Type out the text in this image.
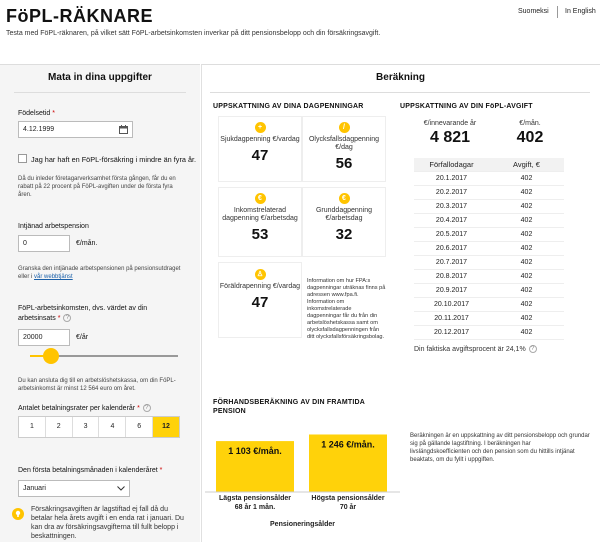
FöPL-RÄKNARE
Testa med FöPL-räknaren, på vilket sätt FöPL-arbetsinkomsten inverkar på ditt pensionsbelopp och din försäkringsavgift.
Suomeksi In English
Mata in dina uppgifter
Födelsetid *
4.12.1999
Jag har haft en FöPL-försäkring i mindre än fyra år.
Då du inleder företagarverksamhet första gången, får du en rabatt på 22 procent på FöPL-avgiften under de första fyra åren.
Intjänad arbetspension
0	€/mån.
Granska den intjänade arbetspensionen på pensionsutdraget eller i vår webbtjänst
FöPL-arbetsinkomsten, dvs. värdet av din
arbetsinsats * ?
20000	€/år
Du kan ansluta dig till en arbetslöshetskassa, om din FöPL-arbetsinkomst är minst 12 564 euro om året.
Antalet betalningsrater per kalenderår * ?
1	2	3	4	6	12
Den första betalningsmånaden i kalenderåret *
Januari
Försäkringsavgiften är lagstiftad ej fall då du betalar hela årets avgift i en enda rat i januari. Du kan dra av försäkringsavgifterna till fullt belopp i beskattningen.
Beräkning
UPPSKATTNING AV DINA DAGPENNINGAR
+
Sjukdagpenning €/vardag
47
/
Olycksfallsdagpenning €/dag
56
€
Inkomstrelaterad dagpenning €/arbetsdag
53
€
Grunddagpenning €/arbetsdag
32
♙
Föräldrapenning €/vardag
47
Information om hur FPA:s dagpenningar uträknas finns på adressen www.fpa.fi. Information om inkomstrelaterade dagpenningar får du från din arbetslöshetskassa samt om olycksfallsdagpenningen från ditt olycksfallsförsäkringsbolag.
UPPSKATTNING AV DIN FöPL-AVGIFT
€/innevarande år
4 821
€/mån.
402
Förfallodagar	Avgift, €
20.1.2017	402
20.2.2017	402
20.3.2017	402
20.4.2017	402
20.5.2017	402
20.6.2017	402
20.7.2017	402
20.8.2017	402
20.9.2017	402
20.10.2017	402
20.11.2017	402
20.12.2017	402
Din faktiska avgiftsprocent är 24,1% ?
FÖRHANDSBERÄKNING AV DIN FRAMTIDA PENSION
1 103 €/mån.
1 246 €/mån.
Lägsta pensionsålder
68 år 1 mån.
Högsta pensionsålder
70 år
Pensioneringsålder
Beräkningen är en uppskattning av ditt pensionsbelopp och grundar sig på gällande lagstiftning. I beräkningen har livslängdskoefficienten och den pension som du hittills intjänat beaktats, om du fyllt i uppgiften.
